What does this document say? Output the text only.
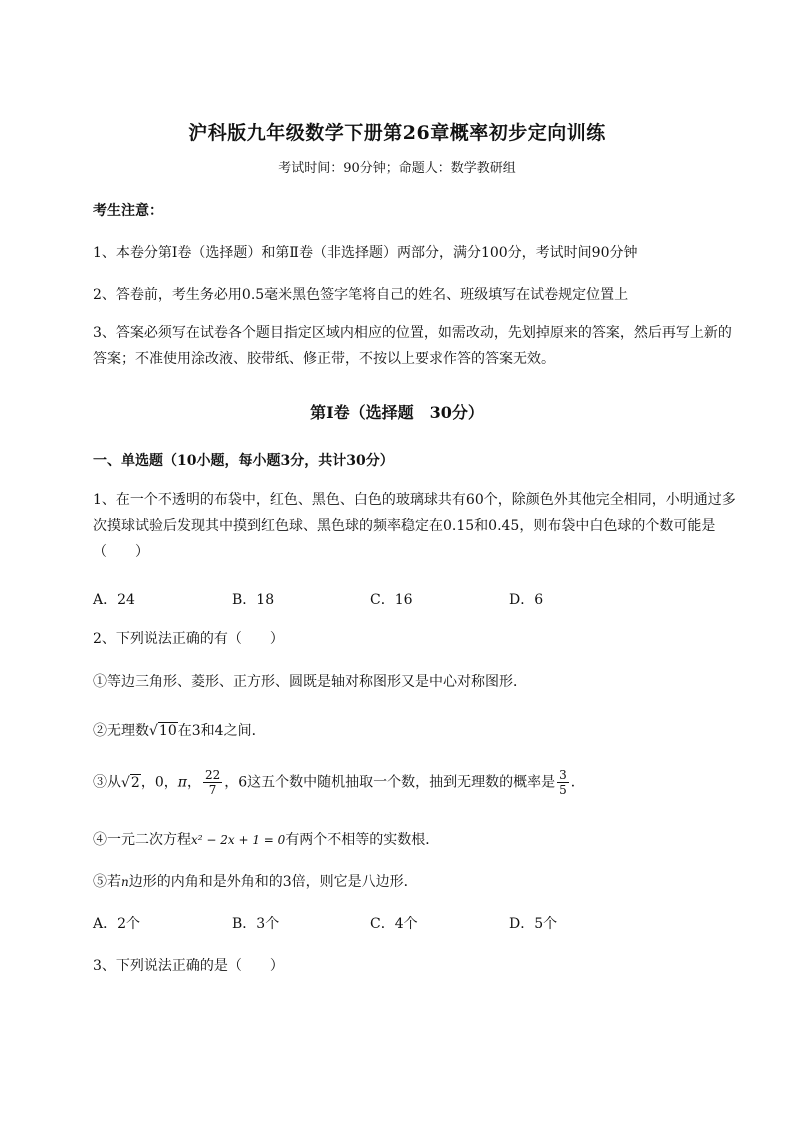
沪科版九年级数学下册第26章概率初步定向训练
考试时间：90分钟；命题人：数学教研组
考生注意：
1、本卷分第I卷（选择题）和第Ⅱ卷（非选择题）两部分，满分100分，考试时间90分钟
2、答卷前，考生务必用0.5毫米黑色签字笔将自己的姓名、班级填写在试卷规定位置上
3、答案必须写在试卷各个题目指定区域内相应的位置，如需改动，先划掉原来的答案，然后再写上新的答案；不准使用涂改液、胶带纸、修正带，不按以上要求作答的答案无效。
第I卷（选择题　30分）
一、单选题（10小题，每小题3分，共计30分）
1、在一个不透明的布袋中，红色、黑色、白色的玻璃球共有60个，除颜色外其他完全相同，小明通过多次摸球试验后发现其中摸到红色球、黑色球的频率稳定在0.15和0.45，则布袋中白色球的个数可能是（　　）
A．24	B．18	C．16	D．6
2、下列说法正确的有（　　）
①等边三角形、菱形、正方形、圆既是轴对称图形又是中心对称图形．
②无理数√10在3和4之间．
③从√2，0，π， $\frac{22}{7}$ ，6这五个数中随机抽取一个数，抽到无理数的概率是 $\frac{3}{5}$ ．
④一元二次方程x² − 2x + 1 = 0有两个不相等的实数根．
⑤若n边形的内角和是外角和的3倍，则它是八边形．
A．2个	B．3个	C．4个	D．5个
3、下列说法正确的是（　　）
